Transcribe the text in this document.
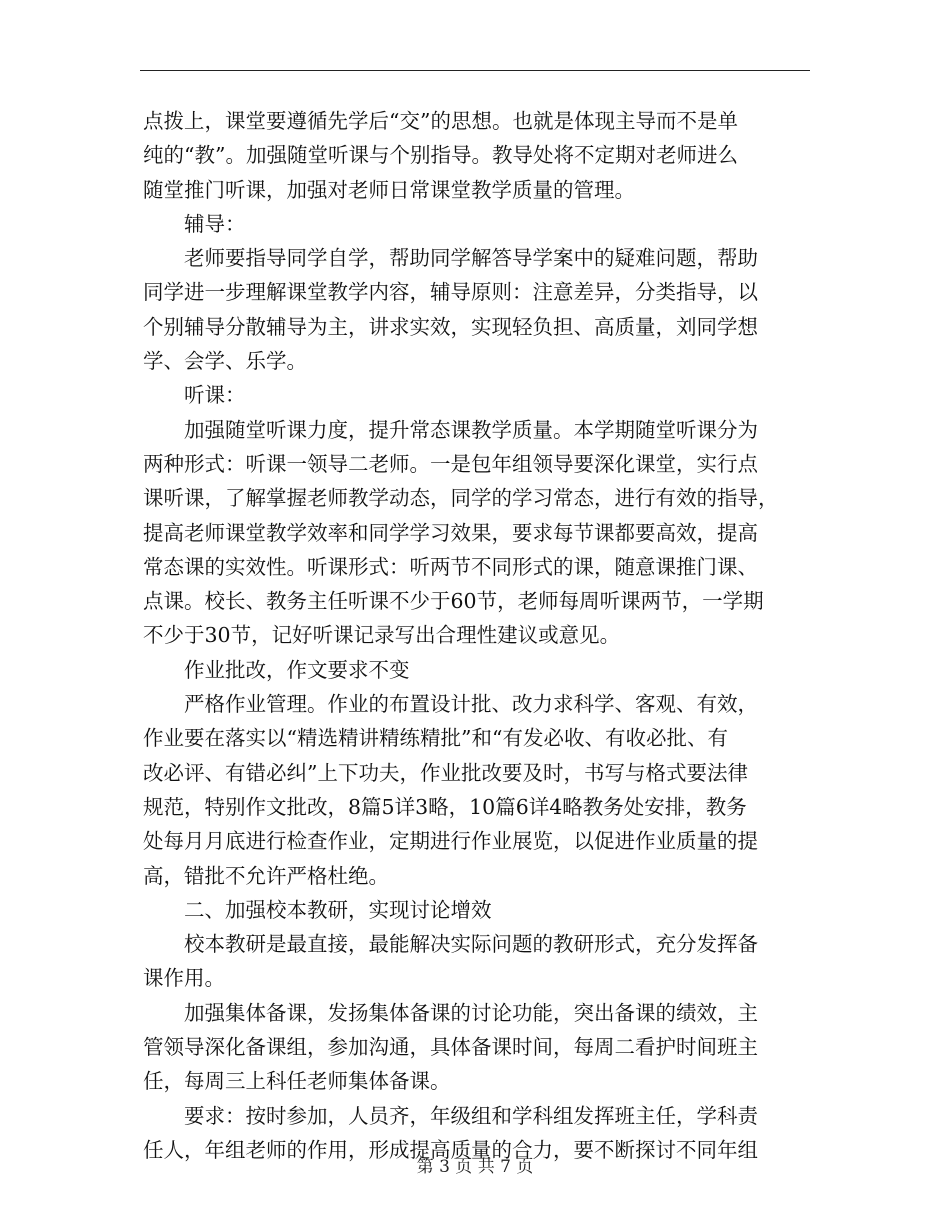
点拨上，课堂要遵循先学后“交”的思想。也就是体现主导而不是单
纯的“教”。加强随堂听课与个别指导。教导处将不定期对老师进么
随堂推门听课，加强对老师日常课堂教学质量的管理。
辅导：
老师要指导同学自学，帮助同学解答导学案中的疑难问题，帮助
同学进一步理解课堂教学内容，辅导原则：注意差异，分类指导，以
个别辅导分散辅导为主，讲求实效，实现轻负担、高质量，刘同学想
学、会学、乐学。
听课：
加强随堂听课力度，提升常态课教学质量。本学期随堂听课分为
两种形式：听课一领导二老师。一是包年组领导要深化课堂，实行点
课听课，了解掌握老师教学动态，同学的学习常态，进行有效的指导，
提高老师课堂教学效率和同学学习效果，要求每节课都要高效，提高
常态课的实效性。听课形式：听两节不同形式的课，随意课推门课、
点课。校长、教务主任听课不少于60节，老师每周听课两节，一学期
不少于30节，记好听课记录写出合理性建议或意见。
作业批改，作文要求不变
严格作业管理。作业的布置设计批、改力求科学、客观、有效，
作业要在落实以“精选精讲精练精批”和“有发必收、有收必批、有
改必评、有错必纠”上下功夫，作业批改要及时，书写与格式要法律
规范，特别作文批改，8篇5详3略，10篇6详4略教务处安排，教务
处每月月底进行检查作业，定期进行作业展览，以促进作业质量的提
高，错批不允许严格杜绝。
二、加强校本教研，实现讨论增效
校本教研是最直接，最能解决实际问题的教研形式，充分发挥备
课作用。
加强集体备课，发扬集体备课的讨论功能，突出备课的绩效，主
管领导深化备课组，参加沟通，具体备课时间，每周二看护时间班主
任，每周三上科任老师集体备课。
要求：按时参加，人员齐，年级组和学科组发挥班主任，学科责
任人，年组老师的作用，形成提高质量的合力，要不断探讨不同年组
第 3 页 共 7 页
